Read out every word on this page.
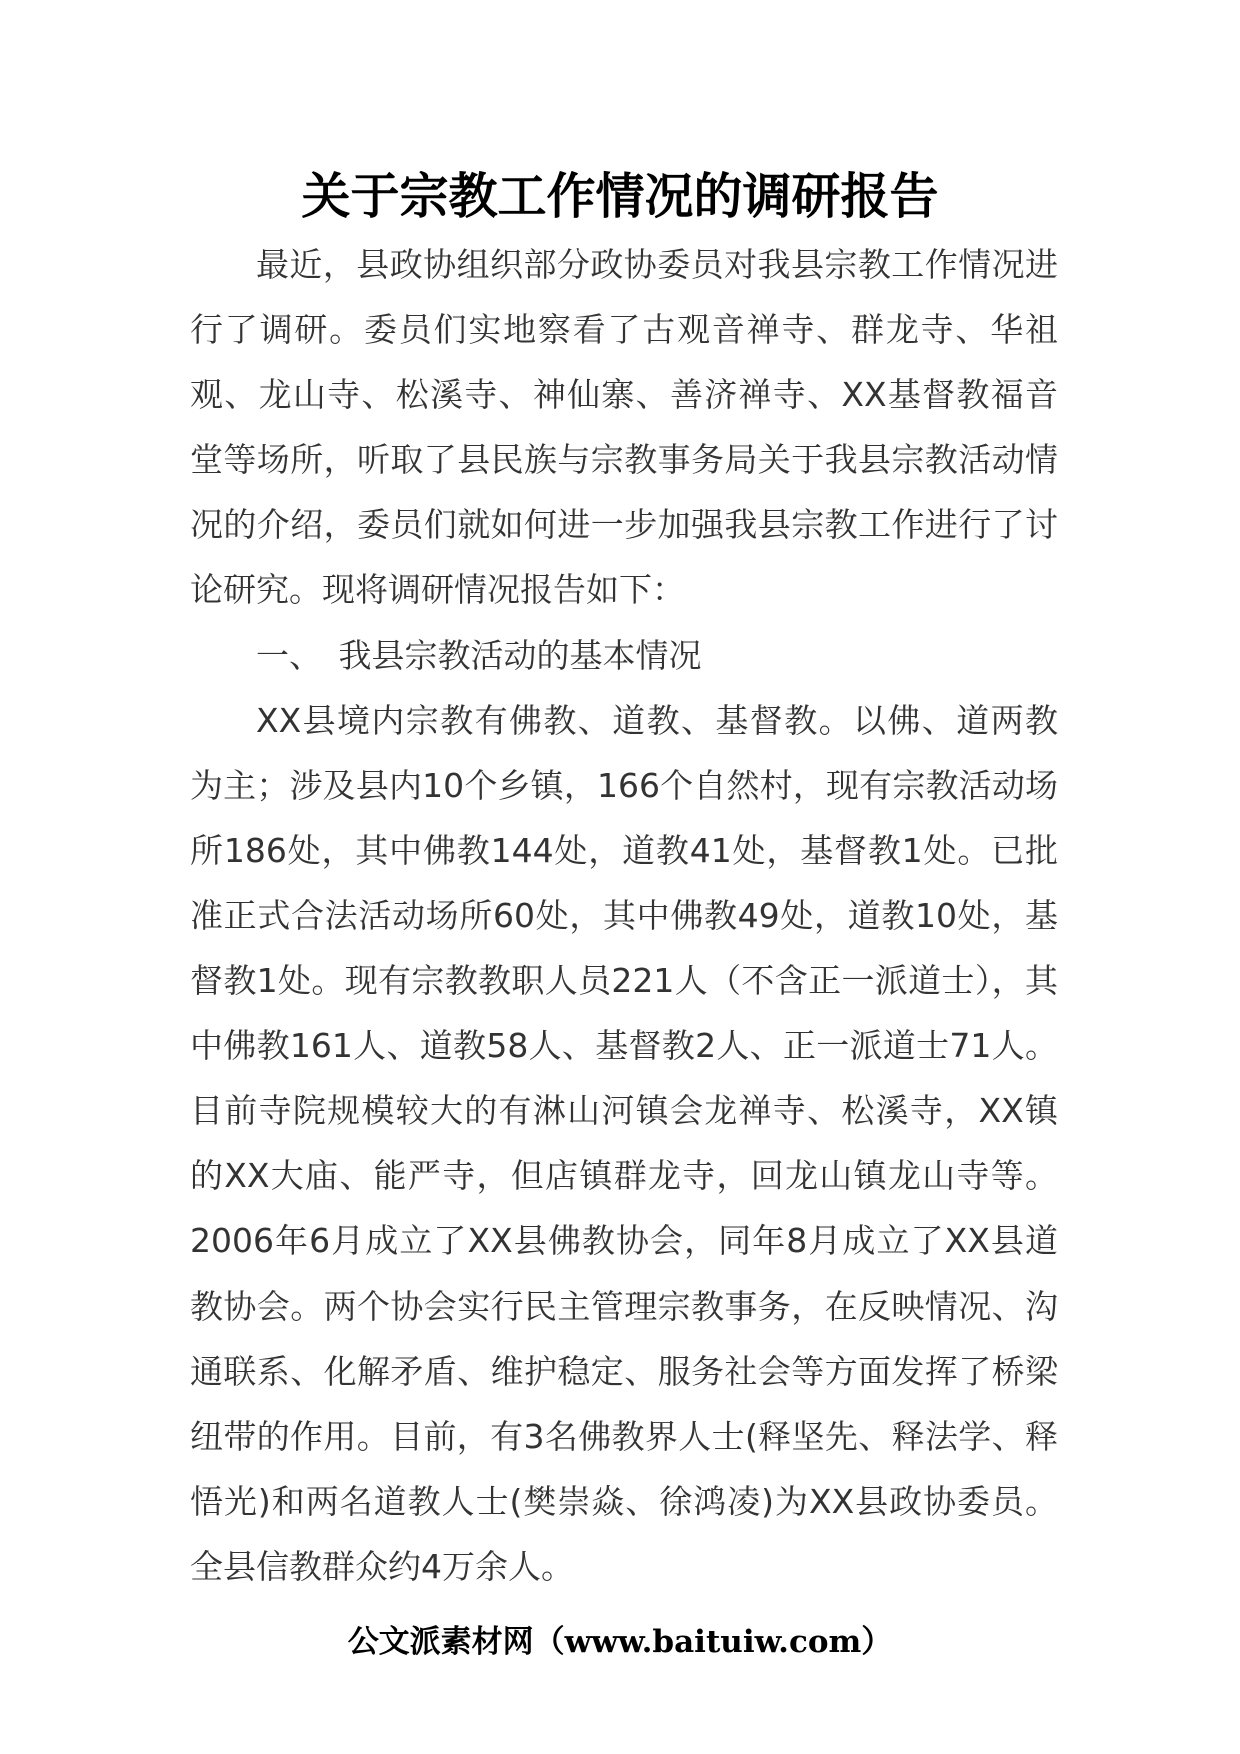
关于宗教工作情况的调研报告

最近，县政协组织部分政协委员对我县宗教工作情况进行了调研。委员们实地察看了古观音禅寺、群龙寺、华祖观、龙山寺、松溪寺、神仙寨、善济禅寺、XX基督教福音堂等场所，听取了县民族与宗教事务局关于我县宗教活动情况的介绍，委员们就如何进一步加强我县宗教工作进行了讨论研究。现将调研情况报告如下：

一、　我县宗教活动的基本情况

XX县境内宗教有佛教、道教、基督教。以佛、道两教为主；涉及县内10个乡镇，166个自然村，现有宗教活动场所186处，其中佛教144处，道教41处，基督教1处。已批准正式合法活动场所60处，其中佛教49处，道教10处，基督教1处。现有宗教教职人员221人（不含正一派道士），其中佛教161人、道教58人、基督教2人、正一派道士71人。目前寺院规模较大的有淋山河镇会龙禅寺、松溪寺，XX镇的XX大庙、能严寺，但店镇群龙寺，回龙山镇龙山寺等。2006年6月成立了XX县佛教协会，同年8月成立了XX县道教协会。两个协会实行民主管理宗教事务，在反映情况、沟通联系、化解矛盾、维护稳定、服务社会等方面发挥了桥梁纽带的作用。目前，有3名佛教界人士(释坚先、释法学、释悟光)和两名道教人士(樊崇焱、徐鸿凌)为XX县政协委员。全县信教群众约4万余人。

公文派素材网（www.baituiw.com）
